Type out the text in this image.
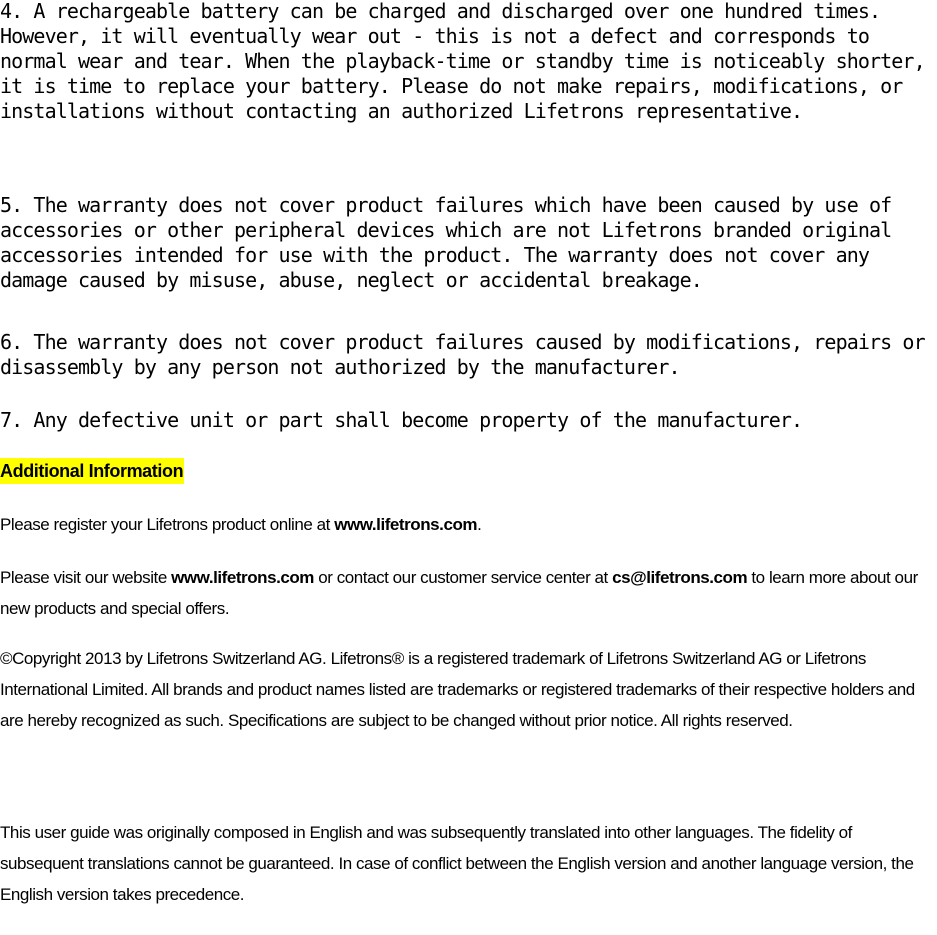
4. A rechargeable battery can be charged and discharged over one hundred times. However, it will eventually wear out - this is not a defect and corresponds to normal wear and tear. When the playback-time or standby time is noticeably shorter, it is time to replace your battery. Please do not make repairs, modifications, or installations without contacting an authorized Lifetrons representative.

5. The warranty does not cover product failures which have been caused by use of accessories or other peripheral devices which are not Lifetrons branded original accessories intended for use with the product. The warranty does not cover any damage caused by misuse, abuse, neglect or accidental breakage.

6. The warranty does not cover product failures caused by modifications, repairs or disassembly by any person not authorized by the manufacturer.

7. Any defective unit or part shall become property of the manufacturer.

Additional Information

Please register your Lifetrons product online at www.lifetrons.com.

Please visit our website www.lifetrons.com or contact our customer service center at cs@lifetrons.com to learn more about our new products and special offers.

©Copyright 2013 by Lifetrons Switzerland AG. Lifetrons® is a registered trademark of Lifetrons Switzerland AG or Lifetrons International Limited. All brands and product names listed are trademarks or registered trademarks of their respective holders and are hereby recognized as such. Specifications are subject to be changed without prior notice. All rights reserved.

This user guide was originally composed in English and was subsequently translated into other languages. The fidelity of subsequent translations cannot be guaranteed. In case of conflict between the English version and another language version, the English version takes precedence.
